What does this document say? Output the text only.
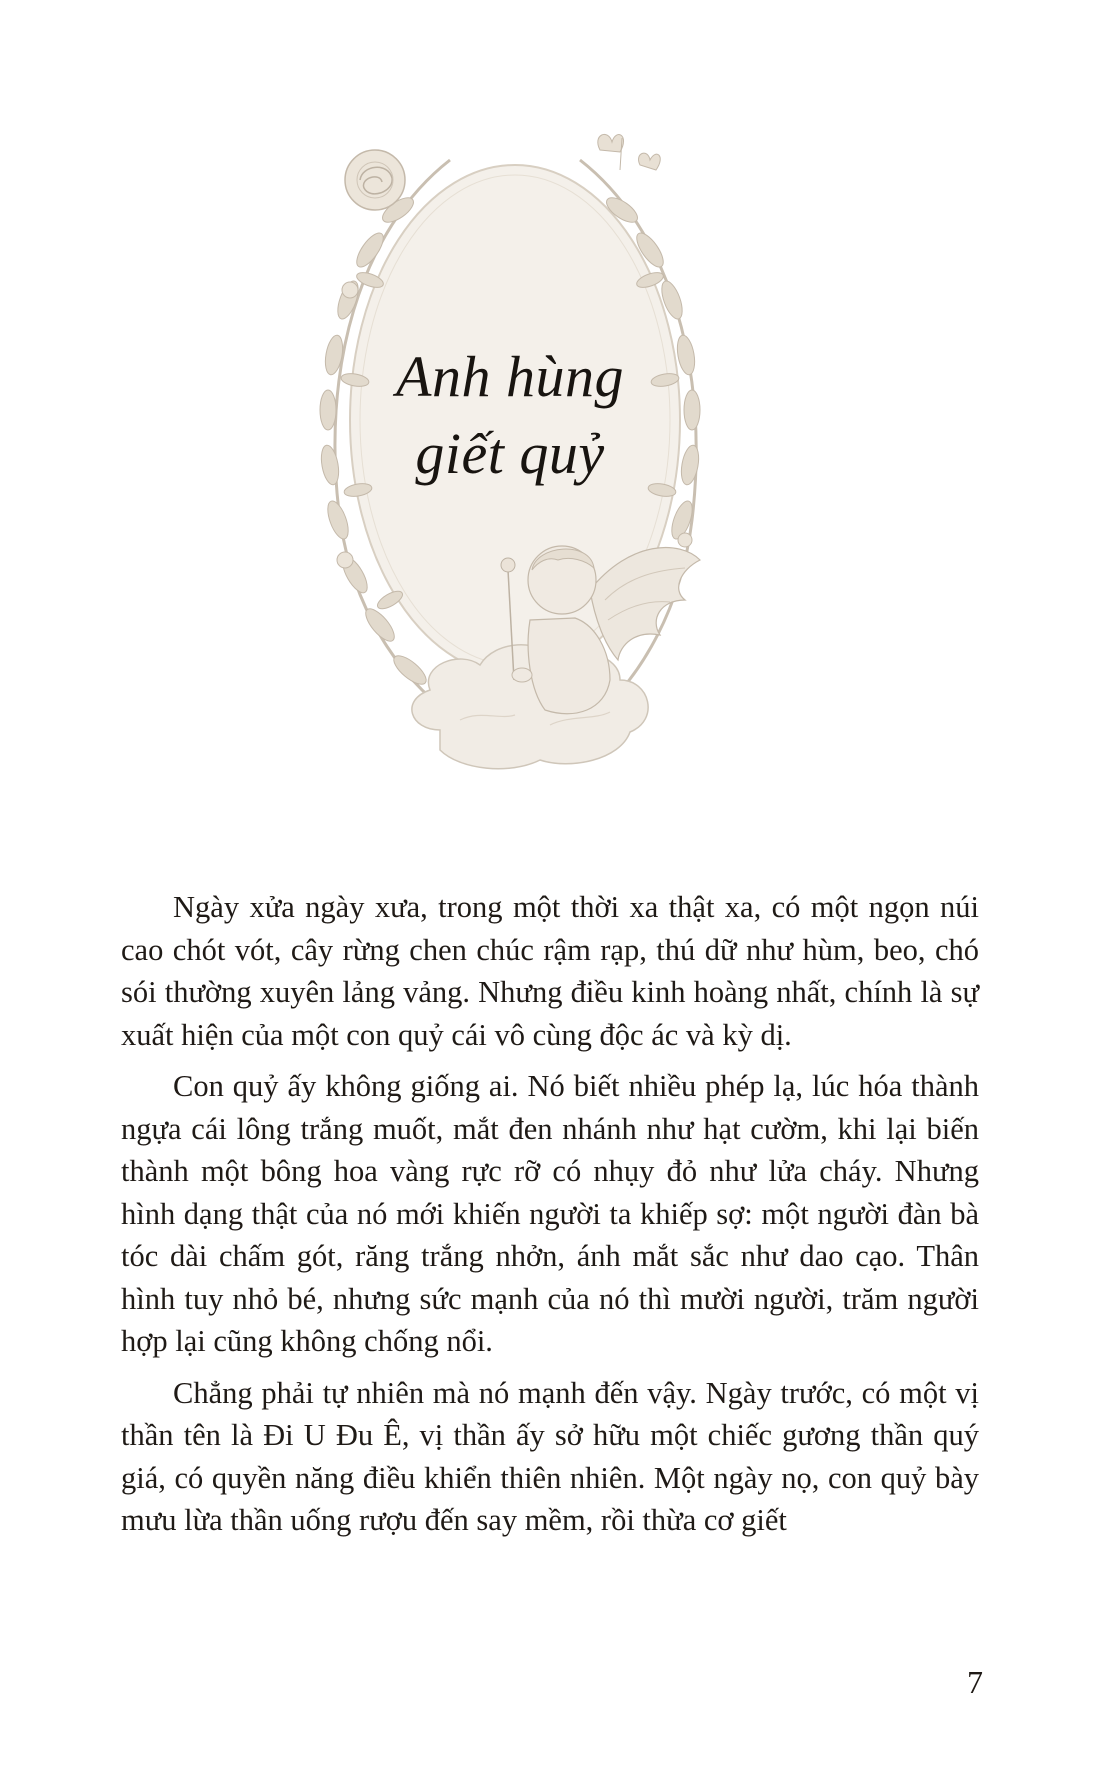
Anh hùng
giết quỷ

Ngày xửa ngày xưa, trong một thời xa thật xa, có một ngọn núi cao chót vót, cây rừng chen chúc rậm rạp, thú dữ như hùm, beo, chó sói thường xuyên lảng vảng. Nhưng điều kinh hoàng nhất, chính là sự xuất hiện của một con quỷ cái vô cùng độc ác và kỳ dị.

Con quỷ ấy không giống ai. Nó biết nhiều phép lạ, lúc hóa thành ngựa cái lông trắng muốt, mắt đen nhánh như hạt cườm, khi lại biến thành một bông hoa vàng rực rỡ có nhụy đỏ như lửa cháy. Nhưng hình dạng thật của nó mới khiến người ta khiếp sợ: một người đàn bà tóc dài chấm gót, răng trắng nhởn, ánh mắt sắc như dao cạo. Thân hình tuy nhỏ bé, nhưng sức mạnh của nó thì mười người, trăm người hợp lại cũng không chống nổi.

Chẳng phải tự nhiên mà nó mạnh đến vậy. Ngày trước, có một vị thần tên là Đi U Đu Ê, vị thần ấy sở hữu một chiếc gương thần quý giá, có quyền năng điều khiển thiên nhiên. Một ngày nọ, con quỷ bày mưu lừa thần uống rượu đến say mềm, rồi thừa cơ giết

7
